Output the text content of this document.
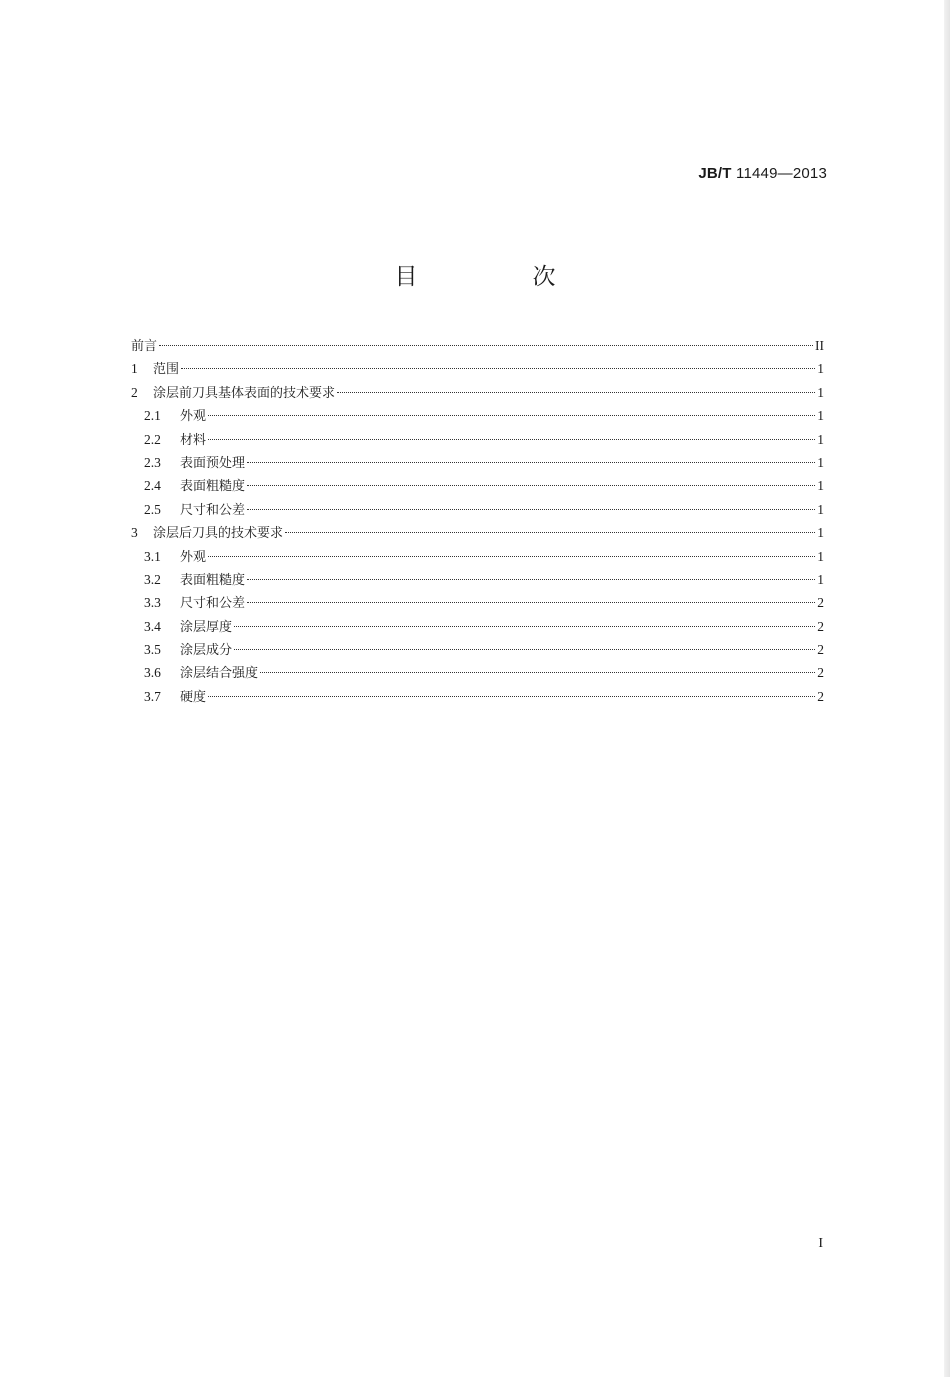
JB/T 11449—2013
目　次
前言	II
1	范围	1
2	涂层前刀具基体表面的技术要求	1
2.1	外观	1
2.2	材料	1
2.3	表面预处理	1
2.4	表面粗糙度	1
2.5	尺寸和公差	1
3	涂层后刀具的技术要求	1
3.1	外观	1
3.2	表面粗糙度	1
3.3	尺寸和公差	2
3.4	涂层厚度	2
3.5	涂层成分	2
3.6	涂层结合强度	2
3.7	硬度	2
I
